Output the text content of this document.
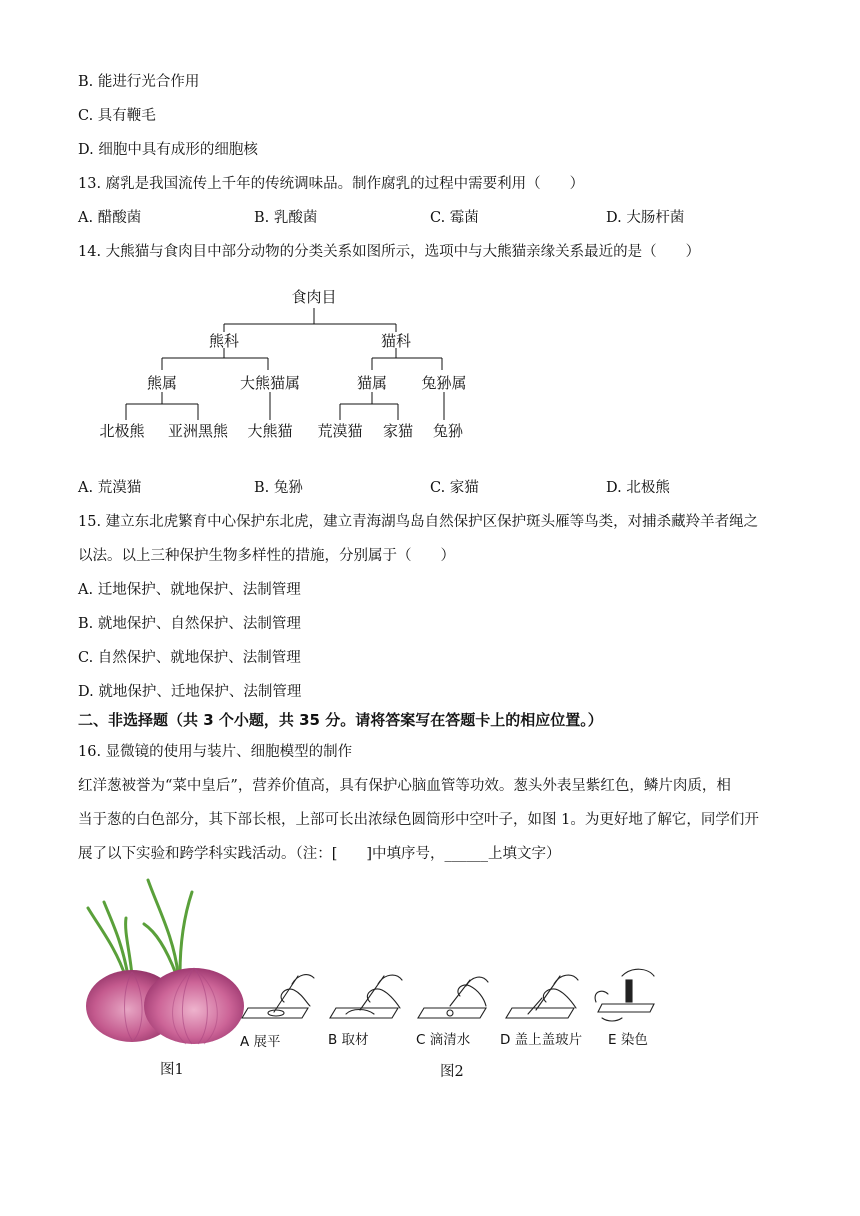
B. 能进行光合作用
C. 具有鞭毛
D. 细胞中具有成形的细胞核
13. 腐乳是我国流传上千年的传统调味品。制作腐乳的过程中需要利用（　　）
A. 醋酸菌	B. 乳酸菌	C. 霉菌	D. 大肠杆菌
14. 大熊猫与食肉目中部分动物的分类关系如图所示，选项中与大熊猫亲缘关系最近的是（　　）
食肉目
熊科	猫科
熊属	大熊猫属	猫属 兔狲属
北极熊 亚洲黑熊 大熊猫 荒漠猫 家猫 兔狲
A. 荒漠猫	B. 兔狲	C. 家猫	D. 北极熊
15. 建立东北虎繁育中心保护东北虎，建立青海湖鸟岛自然保护区保护斑头雁等鸟类，对捕杀藏羚羊者绳之
以法。以上三种保护生物多样性的措施，分别属于（　　）
A. 迁地保护、就地保护、法制管理
B. 就地保护、自然保护、法制管理
C. 自然保护、就地保护、法制管理
D. 就地保护、迁地保护、法制管理
二、非选择题（共 3 个小题，共 35 分。请将答案写在答题卡上的相应位置。）
16. 显微镜的使用与装片、细胞模型的制作
红洋葱被誉为“菜中皇后”，营养价值高，具有保护心脑血管等功效。葱头外表呈紫红色，鳞片肉质，相
当于葱的白色部分，其下部长根，上部可长出浓绿色圆筒形中空叶子，如图 1。为更好地了解它，同学们开
展了以下实验和跨学科实践活动。（注：[　　]中填序号，______上填文字）
A 展平	B 取材	C 滴清水 D 盖上盖玻片 E 染色
图1	图2
